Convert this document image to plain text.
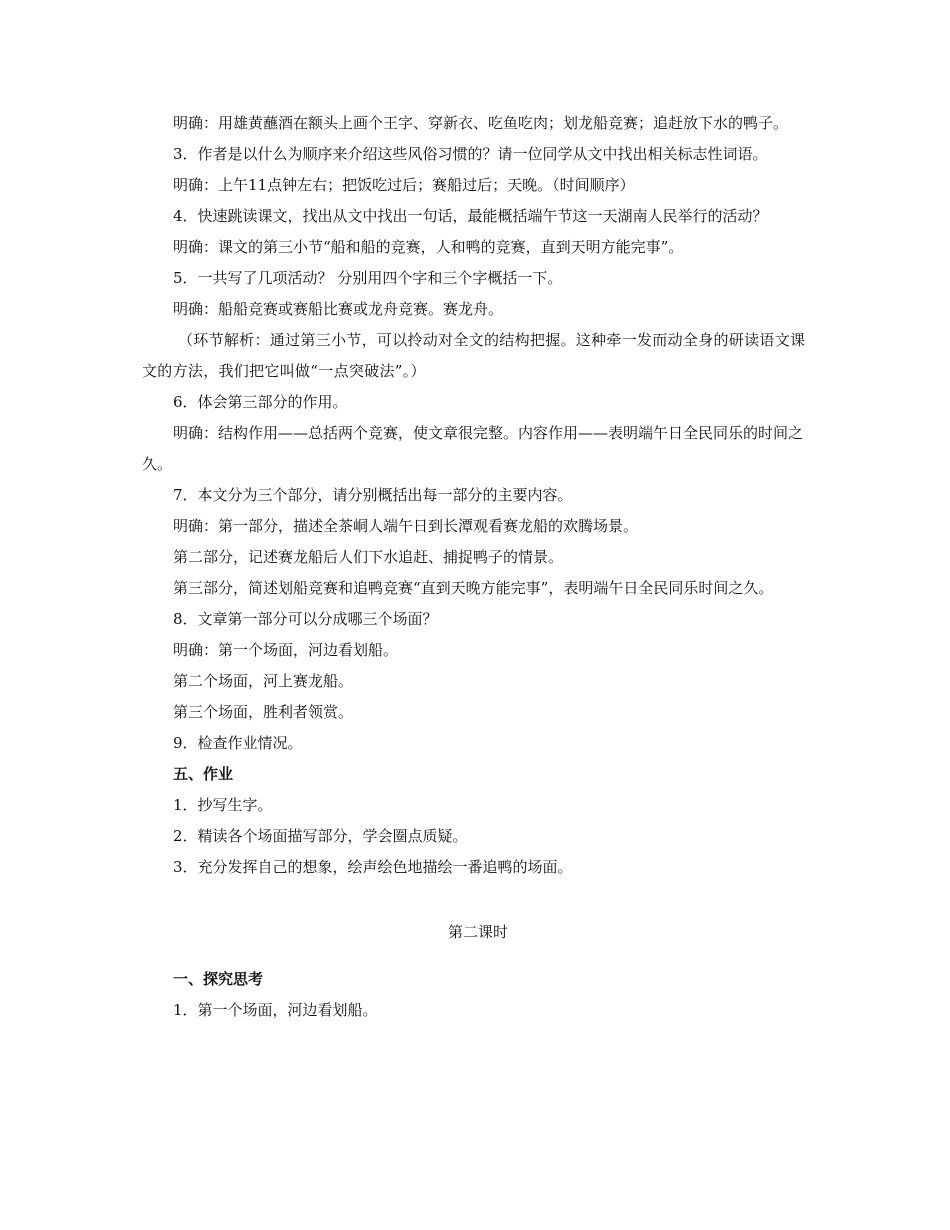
明确：用雄黄蘸酒在额头上画个王字、穿新衣、吃鱼吃肉；划龙船竞赛；追赶放下水的鸭子。

3．作者是以什么为顺序来介绍这些风俗习惯的？请一位同学从文中找出相关标志性词语。

明确：上午11点钟左右；把饭吃过后；赛船过后；天晚。（时间顺序）

4．快速跳读课文，找出从文中找出一句话，最能概括端午节这一天湖南人民举行的活动？

明确：课文的第三小节“船和船的竞赛，人和鸭的竞赛，直到天明方能完事”。

5．一共写了几项活动？ 分别用四个字和三个字概括一下。

明确：船船竞赛或赛船比赛或龙舟竞赛。赛龙舟。

（环节解析：通过第三小节，可以拎动对全文的结构把握。这种牵一发而动全身的研读语文课文的方法，我们把它叫做“一点突破法”。）

6．体会第三部分的作用。

明确：结构作用——总括两个竞赛，使文章很完整。内容作用——表明端午日全民同乐的时间之久。

7．本文分为三个部分，请分别概括出每一部分的主要内容。

明确：第一部分，描述全茶峒人端午日到长潭观看赛龙船的欢腾场景。

第二部分，记述赛龙船后人们下水追赶、捕捉鸭子的情景。

第三部分，简述划船竞赛和追鸭竞赛“直到天晚方能完事”，表明端午日全民同乐时间之久。

8．文章第一部分可以分成哪三个场面？

明确：第一个场面，河边看划船。

第二个场面，河上赛龙船。

第三个场面，胜利者领赏。

9．检查作业情况。

五、作业

1．抄写生字。

2．精读各个场面描写部分，学会圈点质疑。

3．充分发挥自己的想象，绘声绘色地描绘一番追鸭的场面。

第二课时

一、探究思考

1．第一个场面，河边看划船。
